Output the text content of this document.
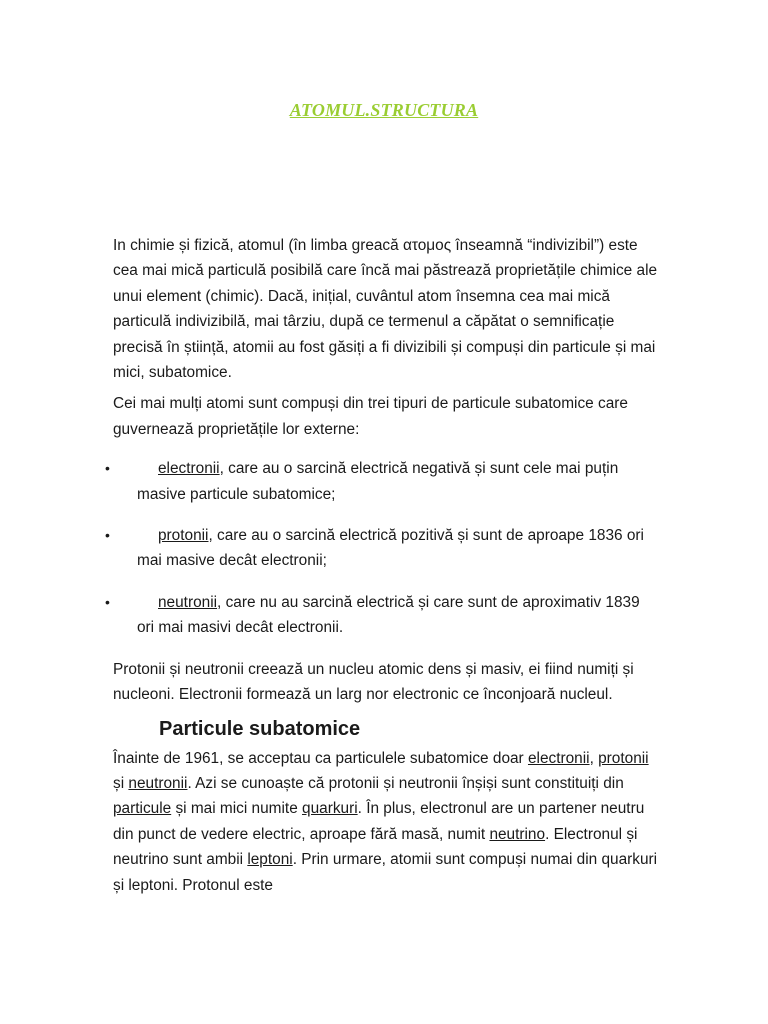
ATOMUL.STRUCTURA

In chimie și fizică, atomul (în limba greacă ατομος înseamnă “indivizibil”) este cea mai mică particulă posibilă care încă mai păstrează proprietățile chimice ale unui element (chimic). Dacă, inițial, cuvântul atom însemna cea mai mică particulă indivizibilă, mai târziu, după ce termenul a căpătat o semnificație precisă în știință, atomii au fost găsiți a fi divizibili și compuși din particule și mai mici, subatomice.

Cei mai mulți atomi sunt compuși din trei tipuri de particule subatomice care guvernează proprietățile lor externe:

•	electronii, care au o sarcină electrică negativă și sunt cele mai puțin masive particule subatomice;
•	protonii, care au o sarcină electrică pozitivă și sunt de aproape 1836 ori mai masive decât electronii;
•	neutronii, care nu au sarcină electrică și care sunt de aproximativ 1839 ori mai masivi decât electronii.

Protonii și neutronii creează un nucleu atomic dens și masiv, ei fiind numiți și nucleoni. Electronii formează un larg nor electronic ce înconjoară nucleul.

Particule subatomice

Înainte de 1961, se acceptau ca particulele subatomice doar electronii, protonii și neutronii. Azi se cunoaște că protonii și neutronii înșiși sunt constituiți din particule și mai mici numite quarkuri. În plus, electronul are un partener neutru din punct de vedere electric, aproape fără masă, numit neutrino. Electronul și neutrino sunt ambii leptoni. Prin urmare, atomii sunt compuși numai din quarkuri și leptoni. Protonul este
